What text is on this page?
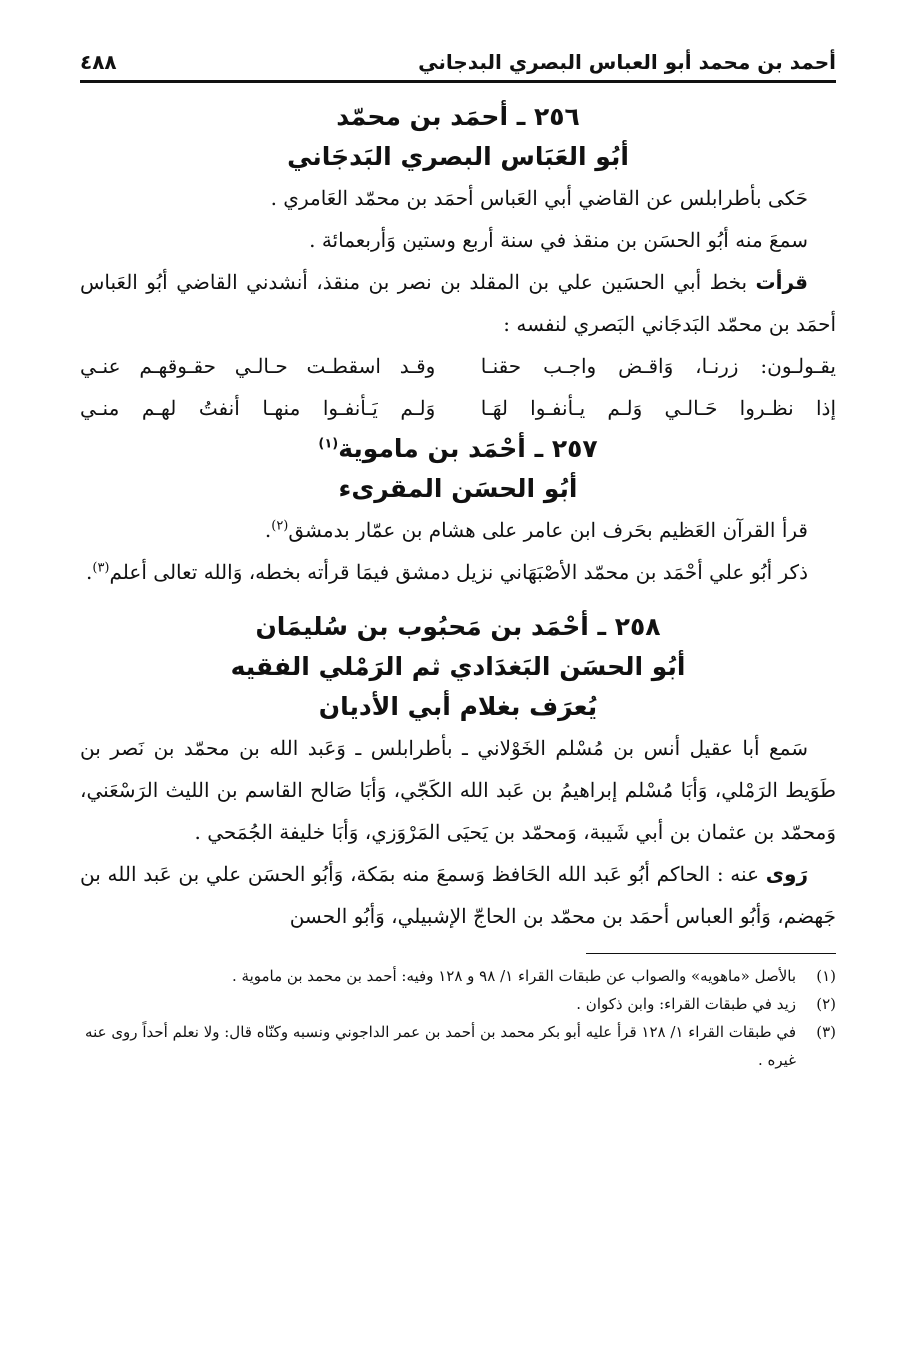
أحمد بن محمد أبو العباس البصري البدجاني
٤٨٨
٢٥٦ ـ أحمَد بن محمّد
أبُو العَبَاس البصري البَدجَاني

حَكى بأطرابلس عن القاضي أبي العَباس أحمَد بن محمّد العَامري .

سمعَ منه أبُو الحسَن بن منقذ في سنة أربع وستين وَأربعمائة .

قرأت بخط أبي الحسَين علي بن المقلد بن نصر بن منقذ، أنشدني القاضي أبُو العَباس أحمَد بن محمّد البَدجَاني البَصري لنفسه :

يقـولـون: زرنـا، وَاقـض واجـب حقنـا
وقـد اسقطـت حـالـي حقـوقهـم عنـي
إذا نظـروا حَـالـي وَلـم يـأنفـوا لهَـا
وَلـم يَـأنفـوا منهـا أنفتُ لهـم منـي
٢٥٧ ـ أحْمَد بن ماموية$^{(١)}$
أبُو الحسَن المقرىء

قرأ القرآن العَظيم بحَرف ابن عامر على هشام بن عمّار بدمشق$^{(٢)}$.

ذكر أبُو علي أحْمَد بن محمّد الأصْبَهَاني نزيل دمشق فيمَا قرأته بخطه، وَالله تعالى أعلم$^{(٣)}$.

٢٥٨ ـ أحْمَد بن مَحبُوب بن سُليمَان
أبُو الحسَن البَغدَادي ثم الرَمْلي الفقيه
يُعرَف بغلام أبي الأديان

سَمع أبا عقيل أنس بن مُسْلم الخَوْلاني ـ بأطرابلس ـ وَعَبد الله بن محمّد بن نَصر بن طَوَيط الرَمْلي، وَأبَا مُسْلم إبراهيمُ بن عَبد الله الكَجّي، وَأبَا صَالح القاسم بن الليث الرَسْعَني، وَمحمّد بن عثمان بن أبي شَيبة، وَمحمّد بن يَحيَى المَرْوَزي، وَأبَا خليفة الجُمَحي .

رَوى عنه : الحاكم أبُو عَبد الله الحَافظ وَسمعَ منه بمَكة، وَأبُو الحسَن علي بن عَبد الله بن جَهضم، وَأبُو العباس أحمَد بن محمّد بن الحاجّ الإشبيلي، وَأبُو الحسن

(١)
بالأصل «ماهويه» والصواب عن طبقات القراء ١/ ٩٨ و ١٢٨ وفيه: أحمد بن محمد بن ماموية .
(٢)
زيد في طبقات القراء: وابن ذكوان .
(٣)
في طبقات القراء ١/ ١٢٨ قرأ عليه أبو بكر محمد بن أحمد بن عمر الداجوني ونسبه وكنّاه قال: ولا نعلم أحداً روى عنه غيره .
